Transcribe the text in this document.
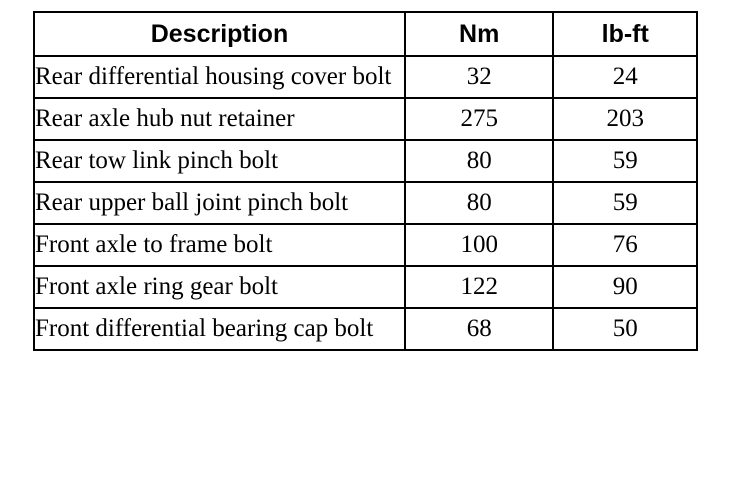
Description	Nm	lb-ft
Rear differential housing cover bolt	32	24
Rear axle hub nut retainer	275	203
Rear tow link pinch bolt	80	59
Rear upper ball joint pinch bolt	80	59
Front axle to frame bolt	100	76
Front axle ring gear bolt	122	90
Front differential bearing cap bolt	68	50
